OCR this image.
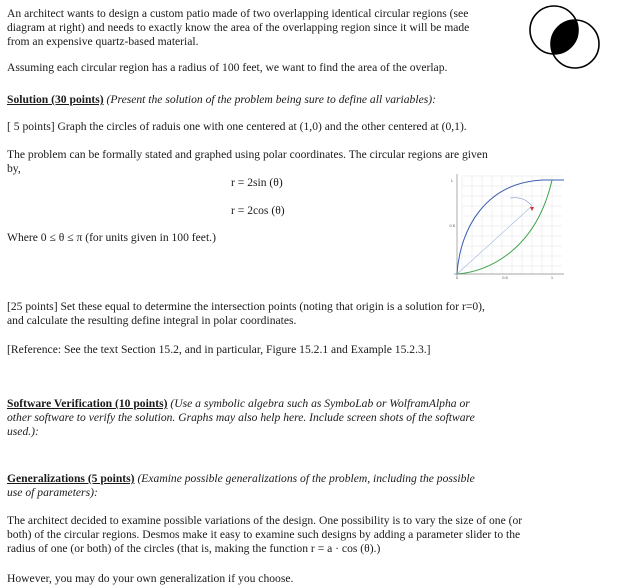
An architect wants to design a custom patio made of two overlapping identical circular regions (see

diagram at right) and needs to exactly know the area of the overlapping region since it will be made

from an expensive quartz-based material.

Assuming each circular region has a radius of 100 feet, we want to find the area of the overlap.

Solution (30 points) (Present the solution of the problem being sure to define all variables):

[ 5 points] Graph the circles of raduis one with one centered at (1,0) and the other centered at (0,1).

The problem can be formally stated and graphed using polar coordinates. The circular regions are given

by,

r = 2sin (θ)
r = 2cos (θ)

Where 0 ≤ θ ≤ π (for units given in 100 feet.)

1
0.5
0	0.5	1

[25 points] Set these equal to determine the intersection points (noting that origin is a solution for r=0),

and calculate the resulting define integral in polar coordinates.

[Reference: See the text Section 15.2, and in particular, Figure 15.2.1 and Example 15.2.3.]

Software Verification (10 points) (Use a symbolic algebra such as SymboLab or WolframAlpha or

other software to verify the solution. Graphs may also help here. Include screen shots of the software

used.):

Generalizations (5 points) (Examine possible generalizations of the problem, including the possible

use of parameters):

The architect decided to examine possible variations of the design. One possibility is to vary the size of one (or

both) of the circular regions. Desmos make it easy to examine such designs by adding a parameter slider to the

radius of one (or both) of the circles (that is, making the function r = a · cos (θ).)

However, you may do your own generalization if you choose.
